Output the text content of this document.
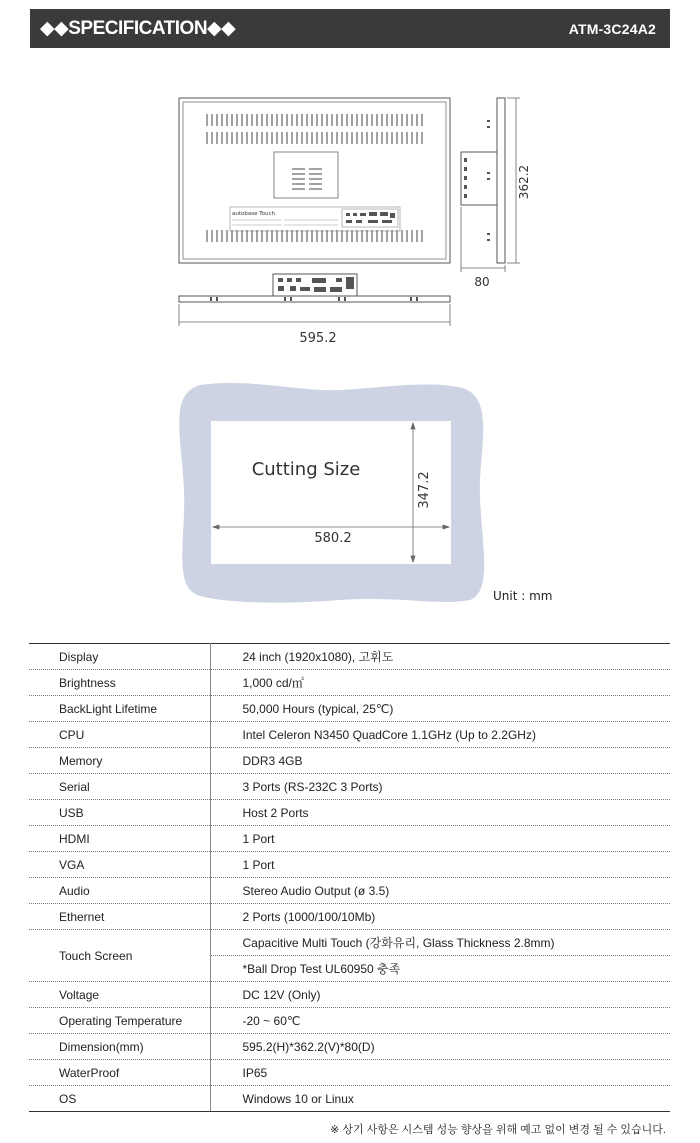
◆◆SPECIFICATION◆◆	ATM-3C24A2
autobase Touch
362.2
80
595.2
Cutting Size
580.2
347.2
Unit : mm
Display	24 inch (1920x1080), 고휘도
Brightness	1,000 cd/㎡
BackLight Lifetime	50,000 Hours (typical, 25℃)
CPU	Intel Celeron N3450 QuadCore 1.1GHz (Up to 2.2GHz)
Memory	DDR3 4GB
Serial	3 Ports (RS-232C 3 Ports)
USB	Host 2 Ports
HDMI	1 Port
VGA	1 Port
Audio	Stereo Audio Output (ø 3.5)
Ethernet	2 Ports (1000/100/10Mb)
Touch Screen	Capacitive Multi Touch (강화유리, Glass Thickness 2.8mm)
	*Ball Drop Test UL60950 충족
Voltage	DC 12V (Only)
Operating Temperature	-20 ~ 60℃
Dimension(mm)	595.2(H)*362.2(V)*80(D)
WaterProof	IP65
OS	Windows 10 or Linux
※ 상기 사항은 시스템 성능 향상을 위해 예고 없이 변경 될 수 있습니다.
